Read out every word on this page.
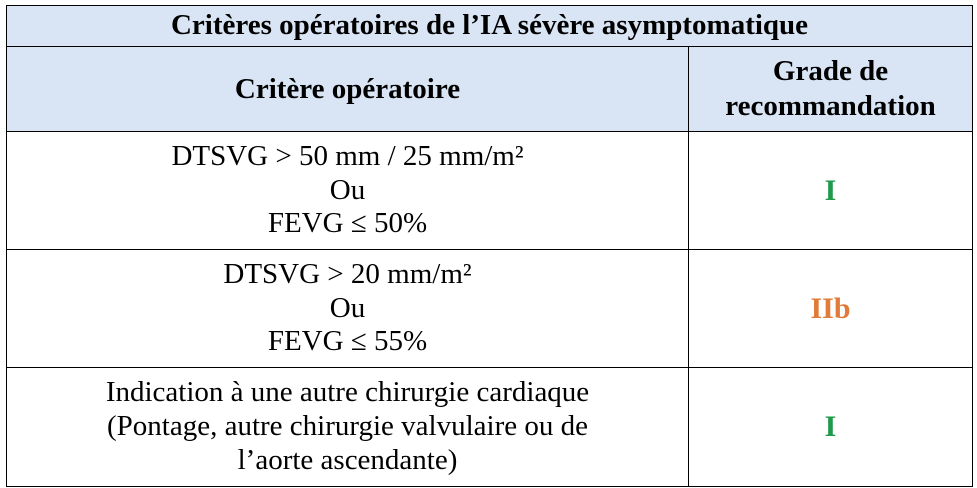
Critères opératoires de l’IA sévère asymptomatique	
Critère opératoire	Grade de
recommandation

DTSVG > 50 mm / 25 mm/m²
Ou
FEVG ≤ 50%	I

DTSVG > 20 mm/m²
Ou
FEVG ≤ 55%	IIb

Indication à une autre chirurgie cardiaque
(Pontage, autre chirurgie valvulaire ou de
l’aorte ascendante)	I
